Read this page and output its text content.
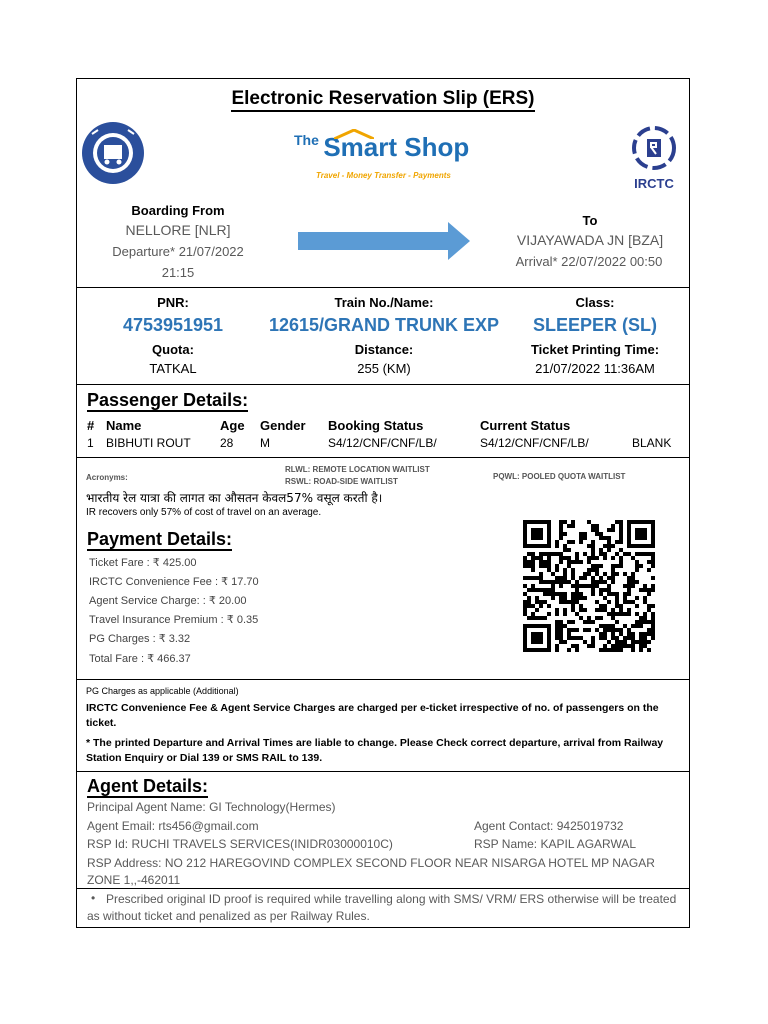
Electronic Reservation Slip (ERS)
The Smart Shop
Travel - Money Transfer - Payments
IRCTC
Boarding From
NELLORE [NLR]
Departure* 21/07/2022
21:15
To
VIJAYAWADA JN [BZA]
Arrival* 22/07/2022 00:50
PNR:
4753951951
Quota:
TATKAL
Train No./Name:
12615/GRAND TRUNK EXP
Distance:
255 (KM)
Class:
SLEEPER (SL)
Ticket Printing Time:
21/07/2022 11:36AM
Passenger Details:
# Name	Age Gender Booking Status	Current Status
1 BIBHUTI ROUT 28 M	S4/12/CNF/CNF/LB/	S4/12/CNF/CNF/LB/	BLANK
Acronyms:
RLWL: REMOTE LOCATION WAITLIST
RSWL: ROAD-SIDE WAITLIST
PQWL: POOLED QUOTA WAITLIST
भारतीय रेल यात्रा की लागत का औसतन केवल57% वसूल करती है।
IR recovers only 57% of cost of travel on an average.
Payment Details:
Ticket Fare : ₹ 425.00
IRCTC Convenience Fee : ₹ 17.70
Agent Service Charge: : ₹ 20.00
Travel Insurance Premium : ₹ 0.35
PG Charges : ₹ 3.32
Total Fare : ₹ 466.37
PG Charges as applicable (Additional)
IRCTC Convenience Fee & Agent Service Charges are charged per e-ticket irrespective of no. of passengers on the ticket.
* The printed Departure and Arrival Times are liable to change. Please Check correct departure, arrival from Railway Station Enquiry or Dial 139 or SMS RAIL to 139.
Agent Details:
Principal Agent Name: GI Technology(Hermes)
Agent Email: rts456@gmail.com	Agent Contact: 9425019732
RSP Id: RUCHI TRAVELS SERVICES(INIDR03000010C)	RSP Name: KAPIL AGARWAL
RSP Address: NO 212 HAREGOVIND COMPLEX SECOND FLOOR NEAR NISARGA HOTEL MP NAGAR ZONE 1,,-462011
• Prescribed original ID proof is required while travelling along with SMS/ VRM/ ERS otherwise will be treated as without ticket and penalized as per Railway Rules.
